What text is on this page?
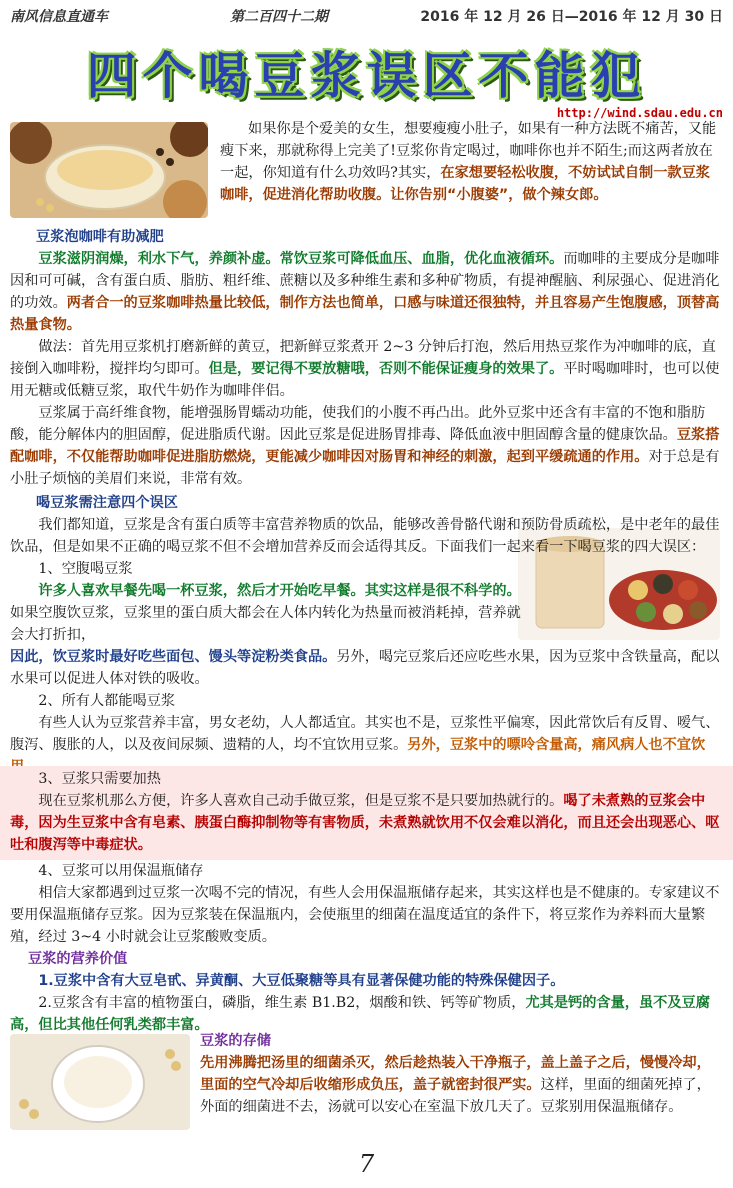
南风信息直通车	第二百四十二期	2016 年 12 月 26 日—2016 年 12 月 30 日
四个喝豆浆误区不能犯
http://wind.sdau.edu.cn

如果你是个爱美的女生，想要瘦瘦小肚子，如果有一种方法既不痛苦，又能瘦下来，那就称得上完美了!豆浆你肯定喝过，咖啡你也并不陌生;而这两者放在一起，你知道有什么功效吗?其实，在家想要轻松收腹，不妨试试自制一款豆浆咖啡，促进消化帮助收腹。让你告别“小腹婆”，做个辣女郎。

豆浆泡咖啡有助减肥

豆浆滋阴润燥，利水下气，养颜补虚。常饮豆浆可降低血压、血脂，优化血液循环。而咖啡的主要成分是咖啡因和可可碱，含有蛋白质、脂肪、粗纤维、蔗糖以及多种维生素和多种矿物质，有提神醒脑、利尿强心、促进消化的功效。两者合一的豆浆咖啡热量比较低，制作方法也简单，口感与味道还很独特，并且容易产生饱腹感，顶替高热量食物。

做法：首先用豆浆机打磨新鲜的黄豆，把新鲜豆浆煮开 2~3 分钟后打泡，然后用热豆浆作为冲咖啡的底，直接倒入咖啡粉，搅拌均匀即可。但是，要记得不要放糖哦，否则不能保证瘦身的效果了。平时喝咖啡时，也可以使用无糖或低糖豆浆，取代牛奶作为咖啡伴侣。

豆浆属于高纤维食物，能增强肠胃蠕动功能，使我们的小腹不再凸出。此外豆浆中还含有丰富的不饱和脂肪酸，能分解体内的胆固醇，促进脂质代谢。因此豆浆是促进肠胃排毒、降低血液中胆固醇含量的健康饮品。豆浆搭配咖啡，不仅能帮助咖啡促进脂肪燃烧，更能减少咖啡因对肠胃和神经的刺激，起到平缓疏通的作用。对于总是有小肚子烦恼的美眉们来说，非常有效。

喝豆浆需注意四个误区

我们都知道，豆浆是含有蛋白质等丰富营养物质的饮品，能够改善骨骼代谢和预防骨质疏松，是中老年的最佳饮品，但是如果不正确的喝豆浆不但不会增加营养反而会适得其反。下面我们一起来看一下喝豆浆的四大误区：

1、空腹喝豆浆

许多人喜欢早餐先喝一杯豆浆，然后才开始吃早餐。其实这样是很不科学的。如果空腹饮豆浆，豆浆里的蛋白质大都会在人体内转化为热量而被消耗掉，营养就会大打折扣，

因此，饮豆浆时最好吃些面包、馒头等淀粉类食品。另外，喝完豆浆后还应吃些水果，因为豆浆中含铁量高，配以水果可以促进人体对铁的吸收。

2、所有人都能喝豆浆

有些人认为豆浆营养丰富，男女老幼，人人都适宜。其实也不是，豆浆性平偏寒，因此常饮后有反胃、嗳气、腹泻、腹胀的人，以及夜间尿频、遗精的人，均不宜饮用豆浆。另外，豆浆中的嘌呤含量高，痛风病人也不宜饮

3、豆浆只需要加热

现在豆浆机那么方便，许多人喜欢自己动手做豆浆，但是豆浆不是只要加热就行的。喝了未煮熟的豆浆会中毒，因为生豆浆中含有皂素、胰蛋白酶抑制物等有害物质，未煮熟就饮用不仅会难以消化，而且还会出现恶心、呕吐和腹泻等中毒症状。

4、豆浆可以用保温瓶储存

相信大家都遇到过豆浆一次喝不完的情况，有些人会用保温瓶储存起来，其实这样也是不健康的。专家建议不要用保温瓶储存豆浆。因为豆浆装在保温瓶内，会使瓶里的细菌在温度适宜的条件下，将豆浆作为养料而大量繁殖，经过 3~4 小时就会让豆浆酸败变质。

豆浆的营养价值

1.豆浆中含有大豆皂甙、异黄酮、大豆低聚糖等具有显著保健功能的特殊保健因子。

2.豆浆含有丰富的植物蛋白，磷脂，维生素 B1.B2，烟酸和铁、钙等矿物质，尤其是钙的含量，虽不及豆腐高，但比其他任何乳类都丰富。

豆浆的存储

先用沸腾把汤里的细菌杀灭，然后趁热装入干净瓶子，盖上盖子之后，慢慢冷却，里面的空气冷却后收缩形成负压，盖子就密封很严实。这样，里面的细菌死掉了，外面的细菌进不去，汤就可以安心在室温下放几天了。豆浆别用保温瓶储存。

7
